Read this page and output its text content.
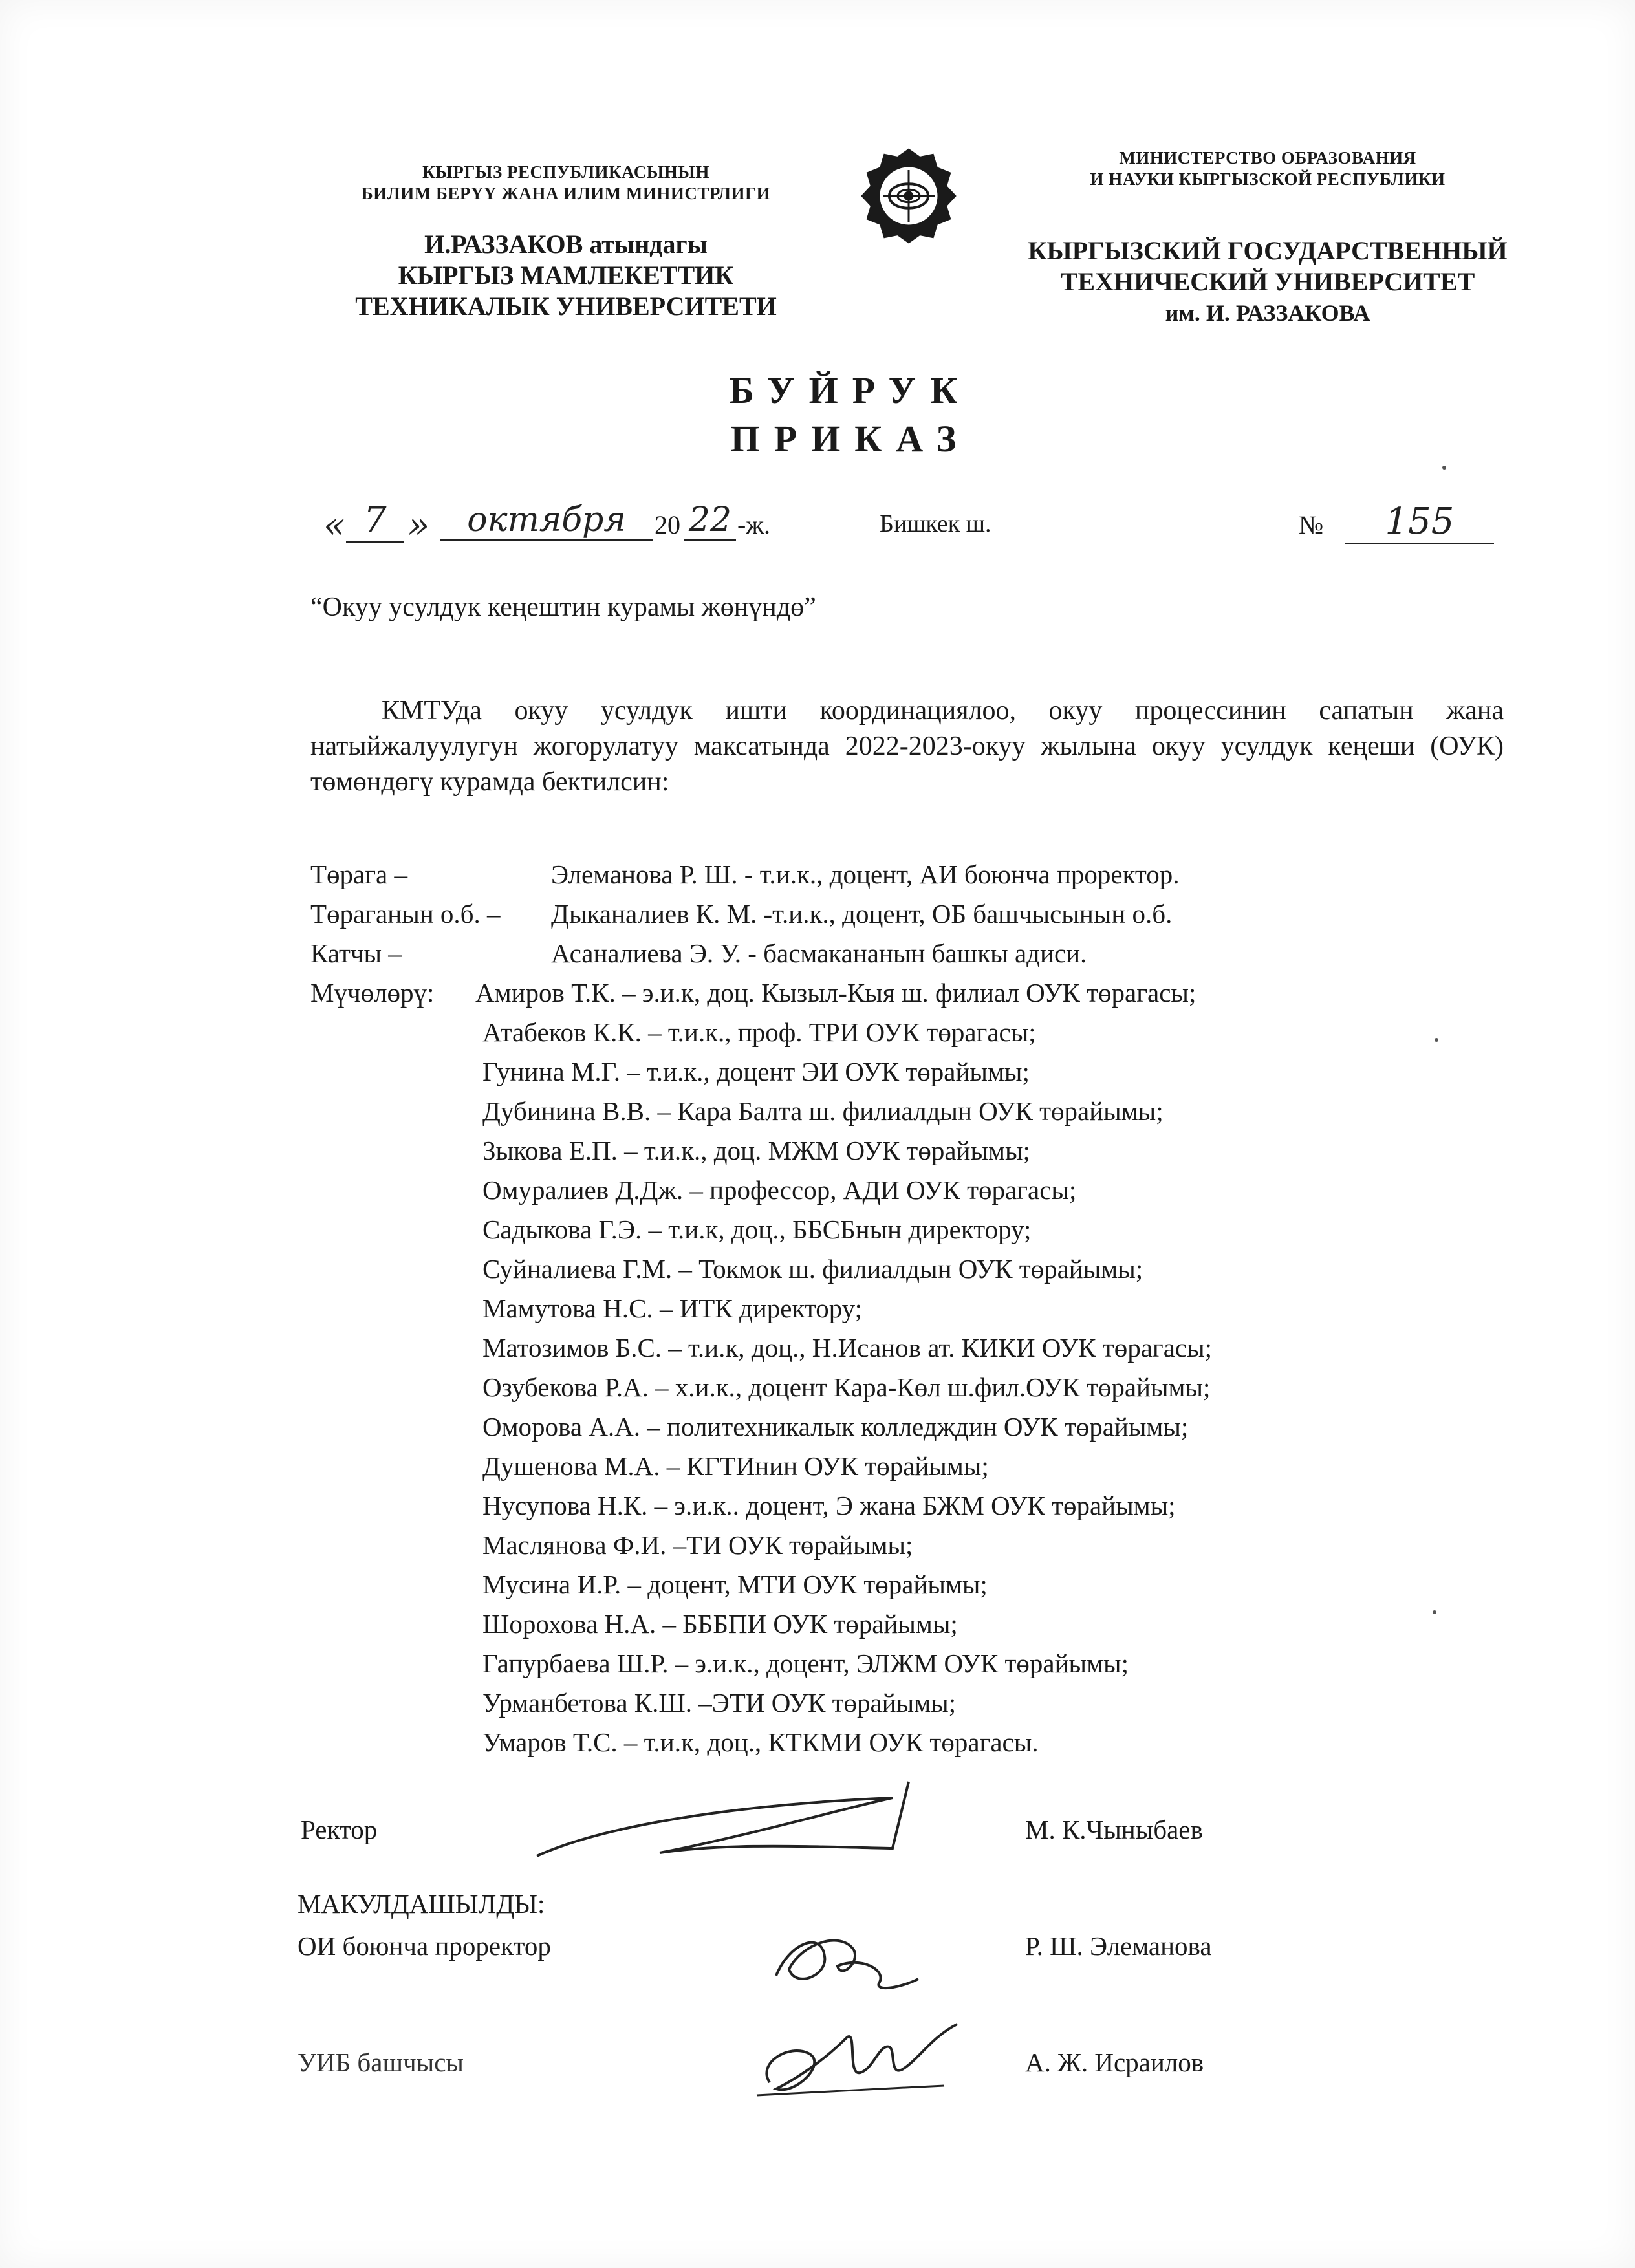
КЫРГЫЗ РЕСПУБЛИКАСЫНЫН
БИЛИМ БЕРҮҮ ЖАНА ИЛИМ МИНИСТРЛИГИ
И.РАЗЗАКОВ атындагы
КЫРГЫЗ МАМЛЕКЕТТИК
ТЕХНИКАЛЫК УНИВЕРСИТЕТИ
МИНИСТЕРСТВО ОБРАЗОВАНИЯ
И НАУКИ КЫРГЫЗСКОЙ РЕСПУБЛИКИ
КЫРГЫЗСКИЙ ГОСУДАРСТВЕННЫЙ
ТЕХНИЧЕСКИЙ УНИВЕРСИТЕТ
им. И. РАЗЗАКОВА
БУЙРУК
ПРИКАЗ
« 7 »	октября	20 22 -ж.	Бишкек ш.	№	155
“Окуу усулдук кеңештин курамы жөнүндө”
КМТУда окуу усулдук ишти координациялоо, окуу процессинин сапатын жана натыйжалуулугун жогорулатуу максатында 2022-2023-окуу жылына окуу усулдук кеңеши (ОУК) төмөндөгү курамда бектилсин:
Төрага –	Элеманова Р. Ш. - т.и.к., доцент, АИ боюнча проректор.
Төраганын о.б. – Дыканалиев К. М. -т.и.к., доцент, ОБ башчысынын о.б.
Катчы –	Асаналиева Э. У. - басмакананын башкы адиси.
Мүчөлөрү: Амиров Т.К. – э.и.к, доц. Кызыл-Кыя ш. филиал ОУК төрагасы;
Атабеков К.К. – т.и.к., проф. ТРИ ОУК төрагасы;
Гунина М.Г. – т.и.к., доцент ЭИ ОУК төрайымы;
Дубинина В.В. – Кара Балта ш. филиалдын ОУК төрайымы;
Зыкова Е.П. – т.и.к., доц. МЖМ ОУК төрайымы;
Омуралиев Д.Дж. – профессор, АДИ ОУК төрагасы;
Садыкова Г.Э. – т.и.к, доц., ББСБнын директору;
Суйналиева Г.М. – Токмок ш. филиалдын ОУК төрайымы;
Мамутова Н.С. – ИТК директору;
Матозимов Б.С. – т.и.к, доц., Н.Исанов ат. КИКИ ОУК төрагасы;
Озубекова Р.А. – х.и.к., доцент Кара-Көл ш.фил.ОУК төрайымы;
Оморова А.А. – политехникалык колледждин ОУК төрайымы;
Душенова М.А. – КГТИнин ОУК төрайымы;
Нусупова Н.К. – э.и.к.. доцент, Э жана БЖМ ОУК төрайымы;
Маслянова Ф.И. –ТИ ОУК төрайымы;
Мусина И.Р. – доцент, МТИ ОУК төрайымы;
Шорохова Н.А. – БББПИ ОУК төрайымы;
Гапурбаева Ш.Р. – э.и.к., доцент, ЭЛЖМ ОУК төрайымы;
Урманбетова К.Ш. –ЭТИ ОУК төрайымы;
Умаров Т.С. – т.и.к, доц., КТКМИ ОУК төрагасы.
Ректор	М. К.Чыныбаев
МАКУЛДАШЫЛДЫ:
ОИ боюнча проректор	Р. Ш. Элеманова
УИБ башчысы	А. Ж. Исраилов
